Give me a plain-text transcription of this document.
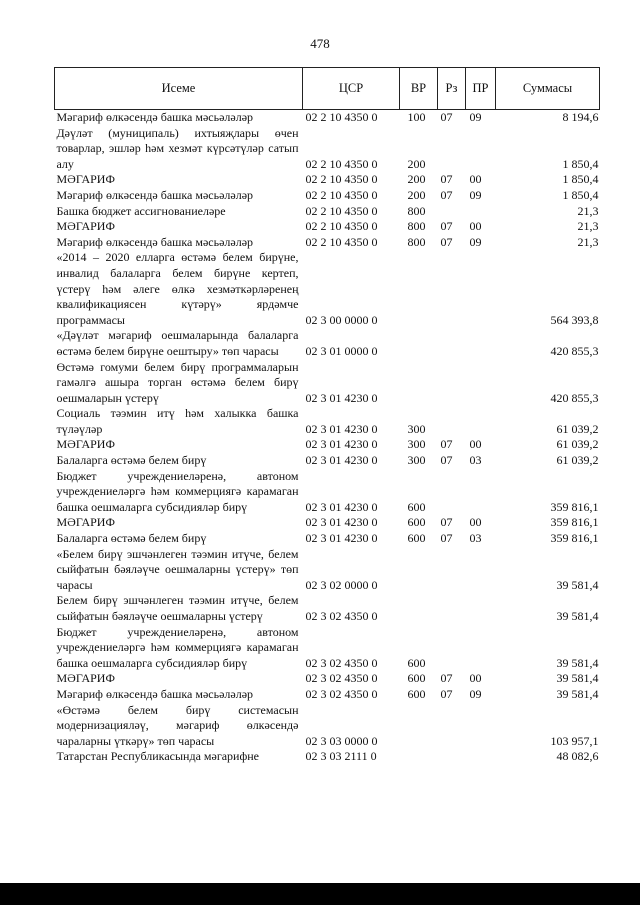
478
Исеме	ЦСР	ВР	Рз	ПР	Суммасы
Мәгариф өлкәсендә башка мәсьәләләр	02 2 10 4350 0	100	07	09	8 194,6
Дәүләт (муниципаль) ихтыяҗлары өчен товарлар, эшләр һәм хезмәт күрсәтүләр сатып алу	02 2 10 4350 0	200			1 850,4
МӘГАРИФ	02 2 10 4350 0	200	07	00	1 850,4
Мәгариф өлкәсендә башка мәсьәләләр	02 2 10 4350 0	200	07	09	1 850,4
Башка бюджет ассигнованиеләре	02 2 10 4350 0	800			21,3
МӘГАРИФ	02 2 10 4350 0	800	07	00	21,3
Мәгариф өлкәсендә башка мәсьәләләр	02 2 10 4350 0	800	07	09	21,3
«2014 – 2020 елларга өстәмә белем бирүне, инвалид балаларга белем бирүне кертеп, үстерү һәм әлеге өлкә хезмәткәрләренең квалификациясен күтәрү» ярдәмче программасы	02 3 00 0000 0				564 393,8
«Дәүләт мәгариф оешмаларында балаларга өстәмә белем бирүне оештыру» төп чарасы	02 3 01 0000 0				420 855,3
Өстәмә гомуми белем бирү программаларын гамәлгә ашыра торган өстәмә белем бирү оешмаларын үстерү	02 3 01 4230 0				420 855,3
Социаль тәэмин итү һәм халыкка башка түләүләр	02 3 01 4230 0	300			61 039,2
МӘГАРИФ	02 3 01 4230 0	300	07	00	61 039,2
Балаларга өстәмә белем бирү	02 3 01 4230 0	300	07	03	61 039,2
Бюджет учреждениеләренә, автоном учреждениеләргә һәм коммерциягә карамаган башка оешмаларга субсидияләр бирү	02 3 01 4230 0	600			359 816,1
МӘГАРИФ	02 3 01 4230 0	600	07	00	359 816,1
Балаларга өстәмә белем бирү	02 3 01 4230 0	600	07	03	359 816,1
«Белем бирү эшчәнлеген тәэмин итүче, белем сыйфатын бәяләүче оешмаларны үстерү» төп чарасы	02 3 02 0000 0				39 581,4
Белем бирү эшчәнлеген тәэмин итүче, белем сыйфатын бәяләүче оешмаларны үстерү	02 3 02 4350 0				39 581,4
Бюджет учреждениеләренә, автоном учреждениеләргә һәм коммерциягә карамаган башка оешмаларга субсидияләр бирү	02 3 02 4350 0	600			39 581,4
МӘГАРИФ	02 3 02 4350 0	600	07	00	39 581,4
Мәгариф өлкәсендә башка мәсьәләләр	02 3 02 4350 0	600	07	09	39 581,4
«Өстәмә белем бирү системасын модернизацияләү, мәгариф өлкәсендә чараларны үткәрү» төп чарасы	02 3 03 0000 0				103 957,1
Татарстан Республикасында мәгарифне	02 3 03 2111 0				48 082,6
